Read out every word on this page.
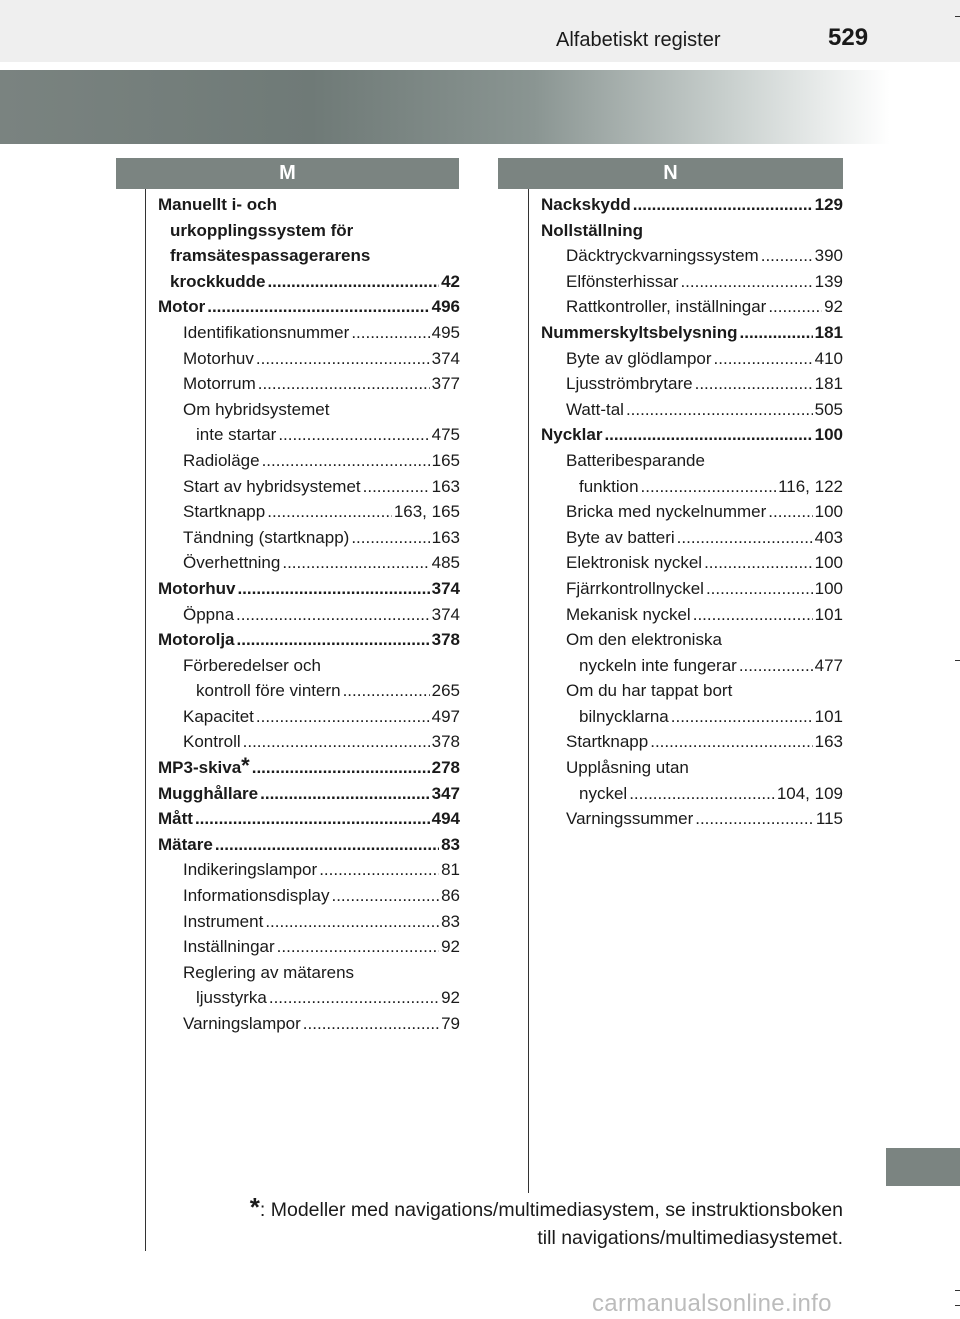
Alfabetiskt register	529
M	N
Manuellt i- och
urkopplingssystem för
framsätespassagerarens
krockkudde .....	42
Motor .....	496
Identifikationsnummer .....	495
Motorhuv .....	374
Motorrum .....	377
Om hybridsystemet
inte startar .....	475
Radioläge .....	165
Start av hybridsystemet .....	163
Startknapp .....	163, 165
Tändning (startknapp) .....	163
Överhettning .....	485
Motorhuv .....	374
Öppna .....	374
Motorolja .....	378
Förberedelser och
kontroll före vintern .....	265
Kapacitet .....	497
Kontroll .....	378
MP3-skiva * .....	278
Mugghållare .....	347
Mått .....	494
Mätare .....	83
Indikeringslampor .....	81
Informationsdisplay .....	86
Instrument .....	83
Inställningar .....	92
Reglering av mätarens
ljusstyrka .....	92
Varningslampor .....	79
Nackskydd .....	129
Nollställning
Däcktryckvarningssystem .....	390
Elfönsterhissar .....	139
Rattkontroller, inställningar .....	92
Nummerskyltsbelysning .....	181
Byte av glödlampor .....	410
Ljusströmbrytare .....	181
Watt-tal .....	505
Nycklar .....	100
Batteribesparande
funktion .....	116, 122
Bricka med nyckelnummer .....	100
Byte av batteri .....	403
Elektronisk nyckel .....	100
Fjärrkontrollnyckel .....	100
Mekanisk nyckel .....	101
Om den elektroniska
nyckeln inte fungerar .....	477
Om du har tappat bort
bilnycklarna .....	101
Startknapp .....	163
Upplåsning utan
nyckel .....	104, 109
Varningssummer .....	115
*: Modeller med navigations/multimediasystem, se instruktionsboken
till navigations/multimediasystemet.
carmanualsonline.info
